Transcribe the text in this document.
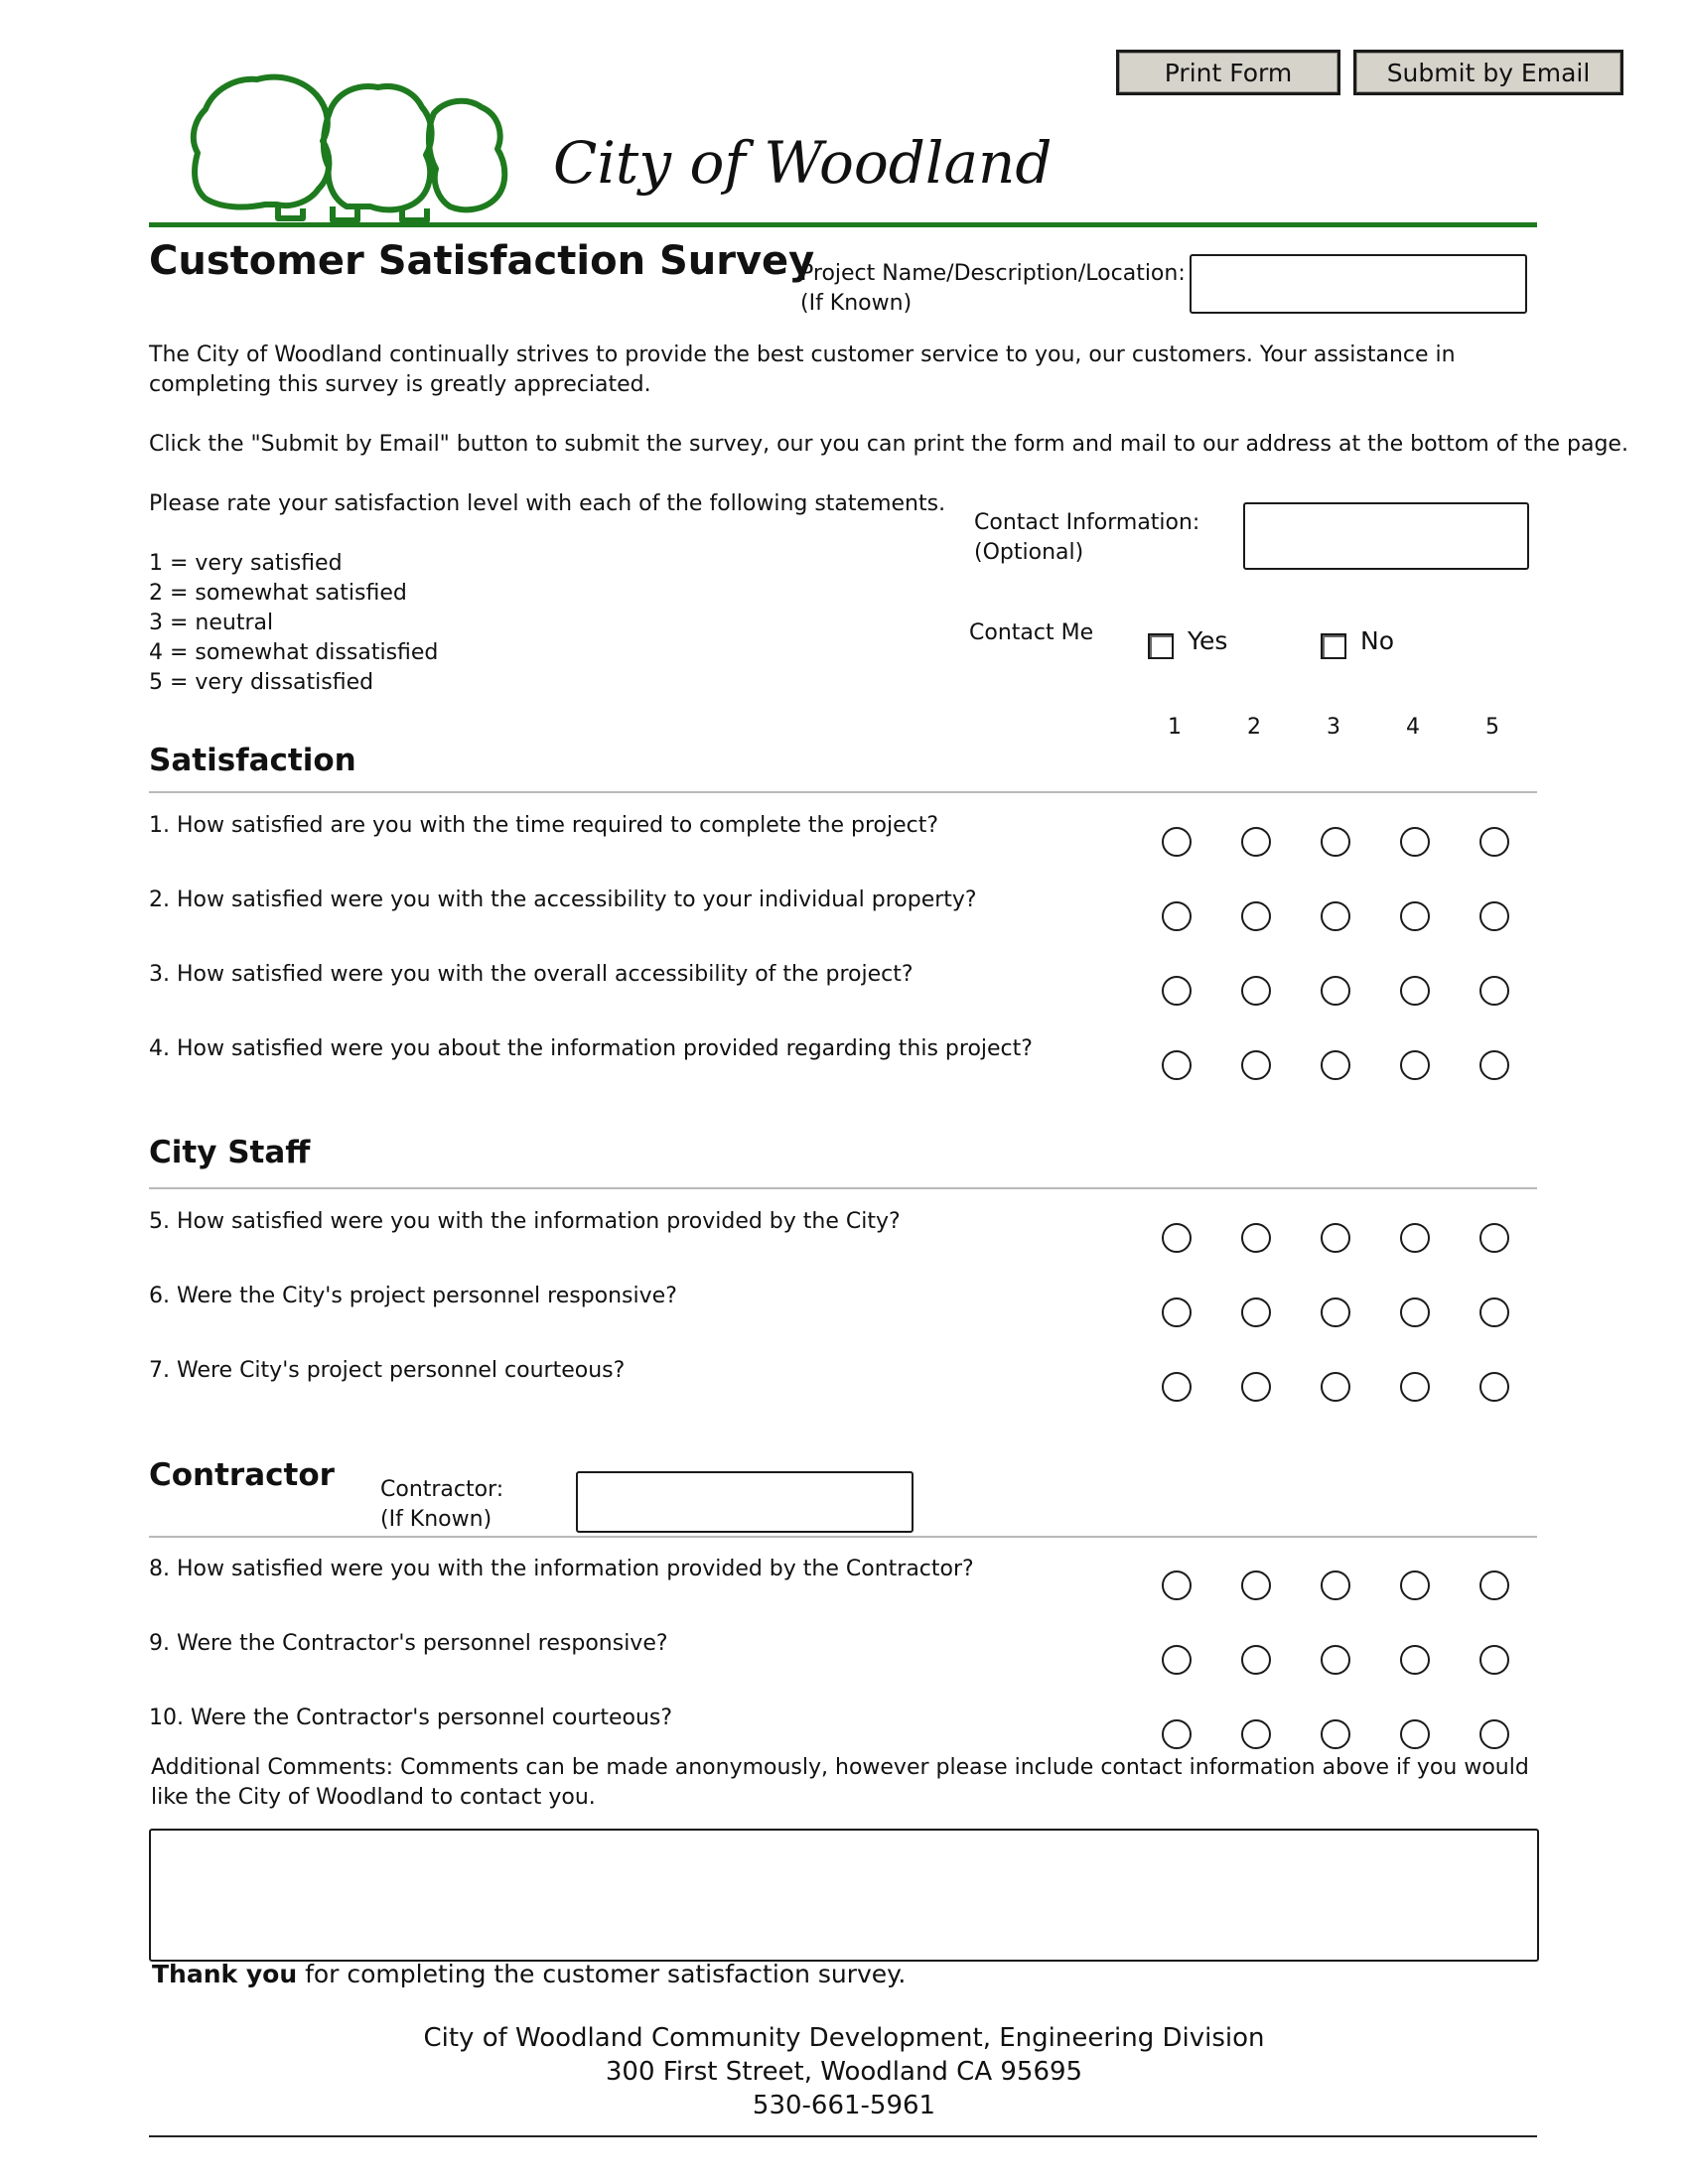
Print Form	Submit by Email
City of Woodland
Customer Satisfaction Survey
Project Name/Description/Location:
(If Known)
The City of Woodland continually strives to provide the best customer service to you, our customers. Your assistance in completing this survey is greatly appreciated.
Click the "Submit by Email" button to submit the survey, our you can print the form and mail to our address at the bottom of the page.
Please rate your satisfaction level with each of the following statements.
1 = very satisfied
2 = somewhat satisfied
3 = neutral
4 = somewhat dissatisfied
5 = very dissatisfied
Contact Information:
(Optional)
Contact Me	Yes	No
1	2	3	4	5
Satisfaction
1. How satisfied are you with the time required to complete the project?
2. How satisfied were you with the accessibility to your individual property?
3. How satisfied were you with the overall accessibility of the project?
4. How satisfied were you about the information provided regarding this project?
City Staff
5. How satisfied were you with the information provided by the City?
6. Were the City's project personnel responsive?
7. Were City's project personnel courteous?
Contractor Contractor:
(If Known)
8. How satisfied were you with the information provided by the Contractor?
9. Were the Contractor's personnel responsive?
10. Were the Contractor's personnel courteous?
Additional Comments: Comments can be made anonymously, however please include contact information above if you would like the City of Woodland to contact you.
Thank you for completing the customer satisfaction survey.
City of Woodland Community Development, Engineering Division
300 First Street, Woodland CA 95695
530-661-5961
